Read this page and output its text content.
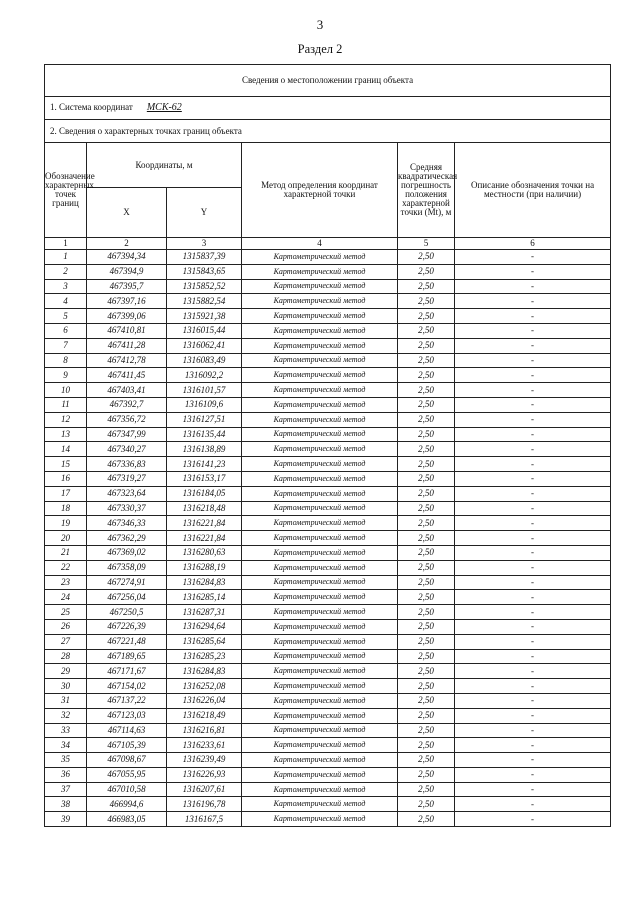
3
Раздел 2
Сведения о местоположении границ объекта					
1. Система координат МСК-62					
2. Сведения о характерных точках границ объекта					
Обозначение характерных точек границ	Координаты, м		Метод определения координат характерной точки	Средняя квадратическая погрешность положения характерной точки (Mt), м	Описание обозначения точки на местности (при наличии)
	X	Y			
1	2	3	4	5	6
1	467394,34	1315837,39	Картометрический метод	2,50	-
2	467394,9	1315843,65	Картометрический метод	2,50	-
3	467395,7	1315852,52	Картометрический метод	2,50	-
4	467397,16	1315882,54	Картометрический метод	2,50	-
5	467399,06	1315921,38	Картометрический метод	2,50	-
6	467410,81	1316015,44	Картометрический метод	2,50	-
7	467411,28	1316062,41	Картометрический метод	2,50	-
8	467412,78	1316083,49	Картометрический метод	2,50	-
9	467411,45	1316092,2	Картометрический метод	2,50	-
10	467403,41	1316101,57	Картометрический метод	2,50	-
11	467392,7	1316109,6	Картометрический метод	2,50	-
12	467356,72	1316127,51	Картометрический метод	2,50	-
13	467347,99	1316135,44	Картометрический метод	2,50	-
14	467340,27	1316138,89	Картометрический метод	2,50	-
15	467336,83	1316141,23	Картометрический метод	2,50	-
16	467319,27	1316153,17	Картометрический метод	2,50	-
17	467323,64	1316184,05	Картометрический метод	2,50	-
18	467330,37	1316218,48	Картометрический метод	2,50	-
19	467346,33	1316221,84	Картометрический метод	2,50	-
20	467362,29	1316221,84	Картометрический метод	2,50	-
21	467369,02	1316280,63	Картометрический метод	2,50	-
22	467358,09	1316288,19	Картометрический метод	2,50	-
23	467274,91	1316284,83	Картометрический метод	2,50	-
24	467256,04	1316285,14	Картометрический метод	2,50	-
25	467250,5	1316287,31	Картометрический метод	2,50	-
26	467226,39	1316294,64	Картометрический метод	2,50	-
27	467221,48	1316285,64	Картометрический метод	2,50	-
28	467189,65	1316285,23	Картометрический метод	2,50	-
29	467171,67	1316284,83	Картометрический метод	2,50	-
30	467154,02	1316252,08	Картометрический метод	2,50	-
31	467137,22	1316226,04	Картометрический метод	2,50	-
32	467123,03	1316218,49	Картометрический метод	2,50	-
33	467114,63	1316216,81	Картометрический метод	2,50	-
34	467105,39	1316233,61	Картометрический метод	2,50	-
35	467098,67	1316239,49	Картометрический метод	2,50	-
36	467055,95	1316226,93	Картометрический метод	2,50	-
37	467010,58	1316207,61	Картометрический метод	2,50	-
38	466994,6	1316196,78	Картометрический метод	2,50	-
39	466983,05	1316167,5	Картометрический метод	2,50	-
